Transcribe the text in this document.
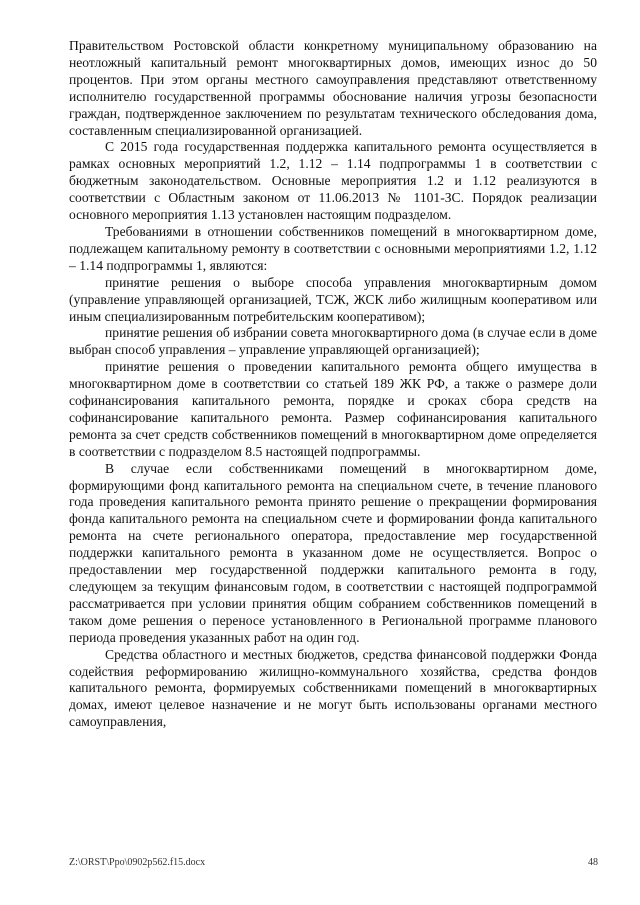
Правительством Ростовской области конкретному муниципальному образованию на неотложный капитальный ремонт многоквартирных домов, имеющих износ до 50 процентов. При этом органы местного самоуправления представляют ответственному исполнителю государственной программы обоснование наличия угрозы безопасности граждан, подтвержденное заключением по результатам технического обследования дома, составленным специализированной организацией.

С 2015 года государственная поддержка капитального ремонта осуществляется в рамках основных мероприятий 1.2, 1.12 – 1.14 подпрограммы 1 в соответствии с бюджетным законодательством. Основные мероприятия 1.2 и 1.12 реализуются в соответствии с Областным законом от 11.06.2013 № 1101-ЗС. Порядок реализации основного мероприятия 1.13 установлен настоящим подразделом.

Требованиями в отношении собственников помещений в многоквартирном доме, подлежащем капитальному ремонту в соответствии с основными мероприятиями 1.2, 1.12 – 1.14 подпрограммы 1, являются:

принятие решения о выборе способа управления многоквартирным домом (управление управляющей организацией, ТСЖ, ЖСК либо жилищным кооперативом или иным специализированным потребительским кооперативом);

принятие решения об избрании совета многоквартирного дома (в случае если в доме выбран способ управления – управление управляющей организацией);

принятие решения о проведении капитального ремонта общего имущества в многоквартирном доме в соответствии со статьей 189 ЖК РФ, а также о размере доли софинансирования капитального ремонта, порядке и сроках сбора средств на софинансирование капитального ремонта. Размер софинансирования капитального ремонта за счет средств собственников помещений в многоквартирном доме определяется в соответствии с подразделом 8.5 настоящей подпрограммы.

В случае если собственниками помещений в многоквартирном доме, формирующими фонд капитального ремонта на специальном счете, в течение планового года проведения капитального ремонта принято решение о прекращении формирования фонда капитального ремонта на специальном счете и формировании фонда капитального ремонта на счете регионального оператора, предоставление мер государственной поддержки капитального ремонта в указанном доме не осуществляется. Вопрос о предоставлении мер государственной поддержки капитального ремонта в году, следующем за текущим финансовым годом, в соответствии с настоящей подпрограммой рассматривается при условии принятия общим собранием собственников помещений в таком доме решения о переносе установленного в Региональной программе планового периода проведения указанных работ на один год.

Средства областного и местных бюджетов, средства финансовой поддержки Фонда содействия реформированию жилищно-коммунального хозяйства, средства фондов капитального ремонта, формируемых собственниками помещений в многоквартирных домах, имеют целевое назначение и не могут быть использованы органами местного самоуправления,

Z:\ORST\Ppo\0902p562.f15.docx	48
